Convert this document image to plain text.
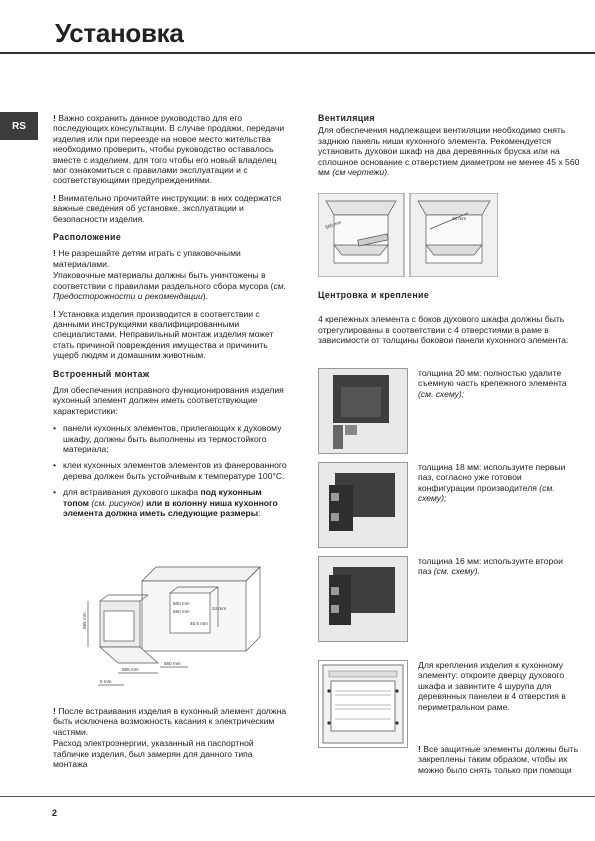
Установка
RS

! Важно сохранить данное руководство для его последующих консультации. В случае продажи, передачи изделия или при переезде на новое место жительства необходимо проверить, чтобы руководство оставалось вместе с изделием, для того чтобы его новый владелец мог ознакомиться с правилами эксплуатации и с соответствующими предупреждениями.

! Внимательно прочитайте инструкции: в них содержатся важные сведения об установке, эксплуатации и безопасности изделия.

Расположение

! Не разрешайте детям играть с упаковочными материалами.

Упаковочные материалы должны быть уничтожены в соответствии с правилами раздельного сбора мусора (см. Предосторожности и рекомендации).

! Установка изделия производится в соответствии с данными инструкциями квалифицированными специалистами. Неправильный монтаж изделия может стать причиной повреждения имущества и причинить ущерб людям и домашним животным.

Встроенный монтаж

Для обеспечения исправного функционирования изделия кухонный элемент должен иметь соответствующие характеристики:

• панели кухонных элементов, прилегающих к духовому шкафу, должны быть выполнены из термостойкого материала;
• клеи кухонных элементов элементов из фанерованного дерева должен быть устойчивым к температуре 100°C.
• для встраивания духового шкафа под кухонным топом (см. рисунок) или в колонну ниша кухонного элемента должна иметь следующие размеры:
560 mm
550 mm
595 mm	45.5 mm
24 mm
585 mm
560 mm
5 mm

! После встраивания изделия в кухонный элемент должна быть исключена возможность касания к электрическим частями.

Расход электроэнергии, указанный на паспортной табличке изделия, был замерян для данного типа монтажа

Вентиляция

Для обеспечения надлежащеи вентиляции необходимо снять заднюю панель ниши кухонного элемента. Рекомендуется установить духовои шкаф на два деревянных бруска или на сплошное основание с отверстием диаметром не менее 45 х 560 мм (см чертежи).

560 mm
45 mm
Центровка и крепление

4 крепежных элемента с боков духового шкафа должны быть отрегулированы в соответствии с 4 отверстиями в раме в зависимости от толщины боковои панели кухонного элемента:

толщина 20 мм: полностью удалите съемную часть крепежного элемента (см. схему);
толщина 18 мм: используите первыи паз, согласно уже готовои конфигурации производителя (см. схему);
толщина 16 мм: используите второи паз (см. схему).
Для крепления изделия к кухонному элементу: откроите дверцу духового шкафа и завинтите 4 шурупа для деревянных панелеи в 4 отверстия в периметральнои раме.

! Все защитные элементы должны быть закреплены таким образом, чтобы их можно было снять только при помощи

2
